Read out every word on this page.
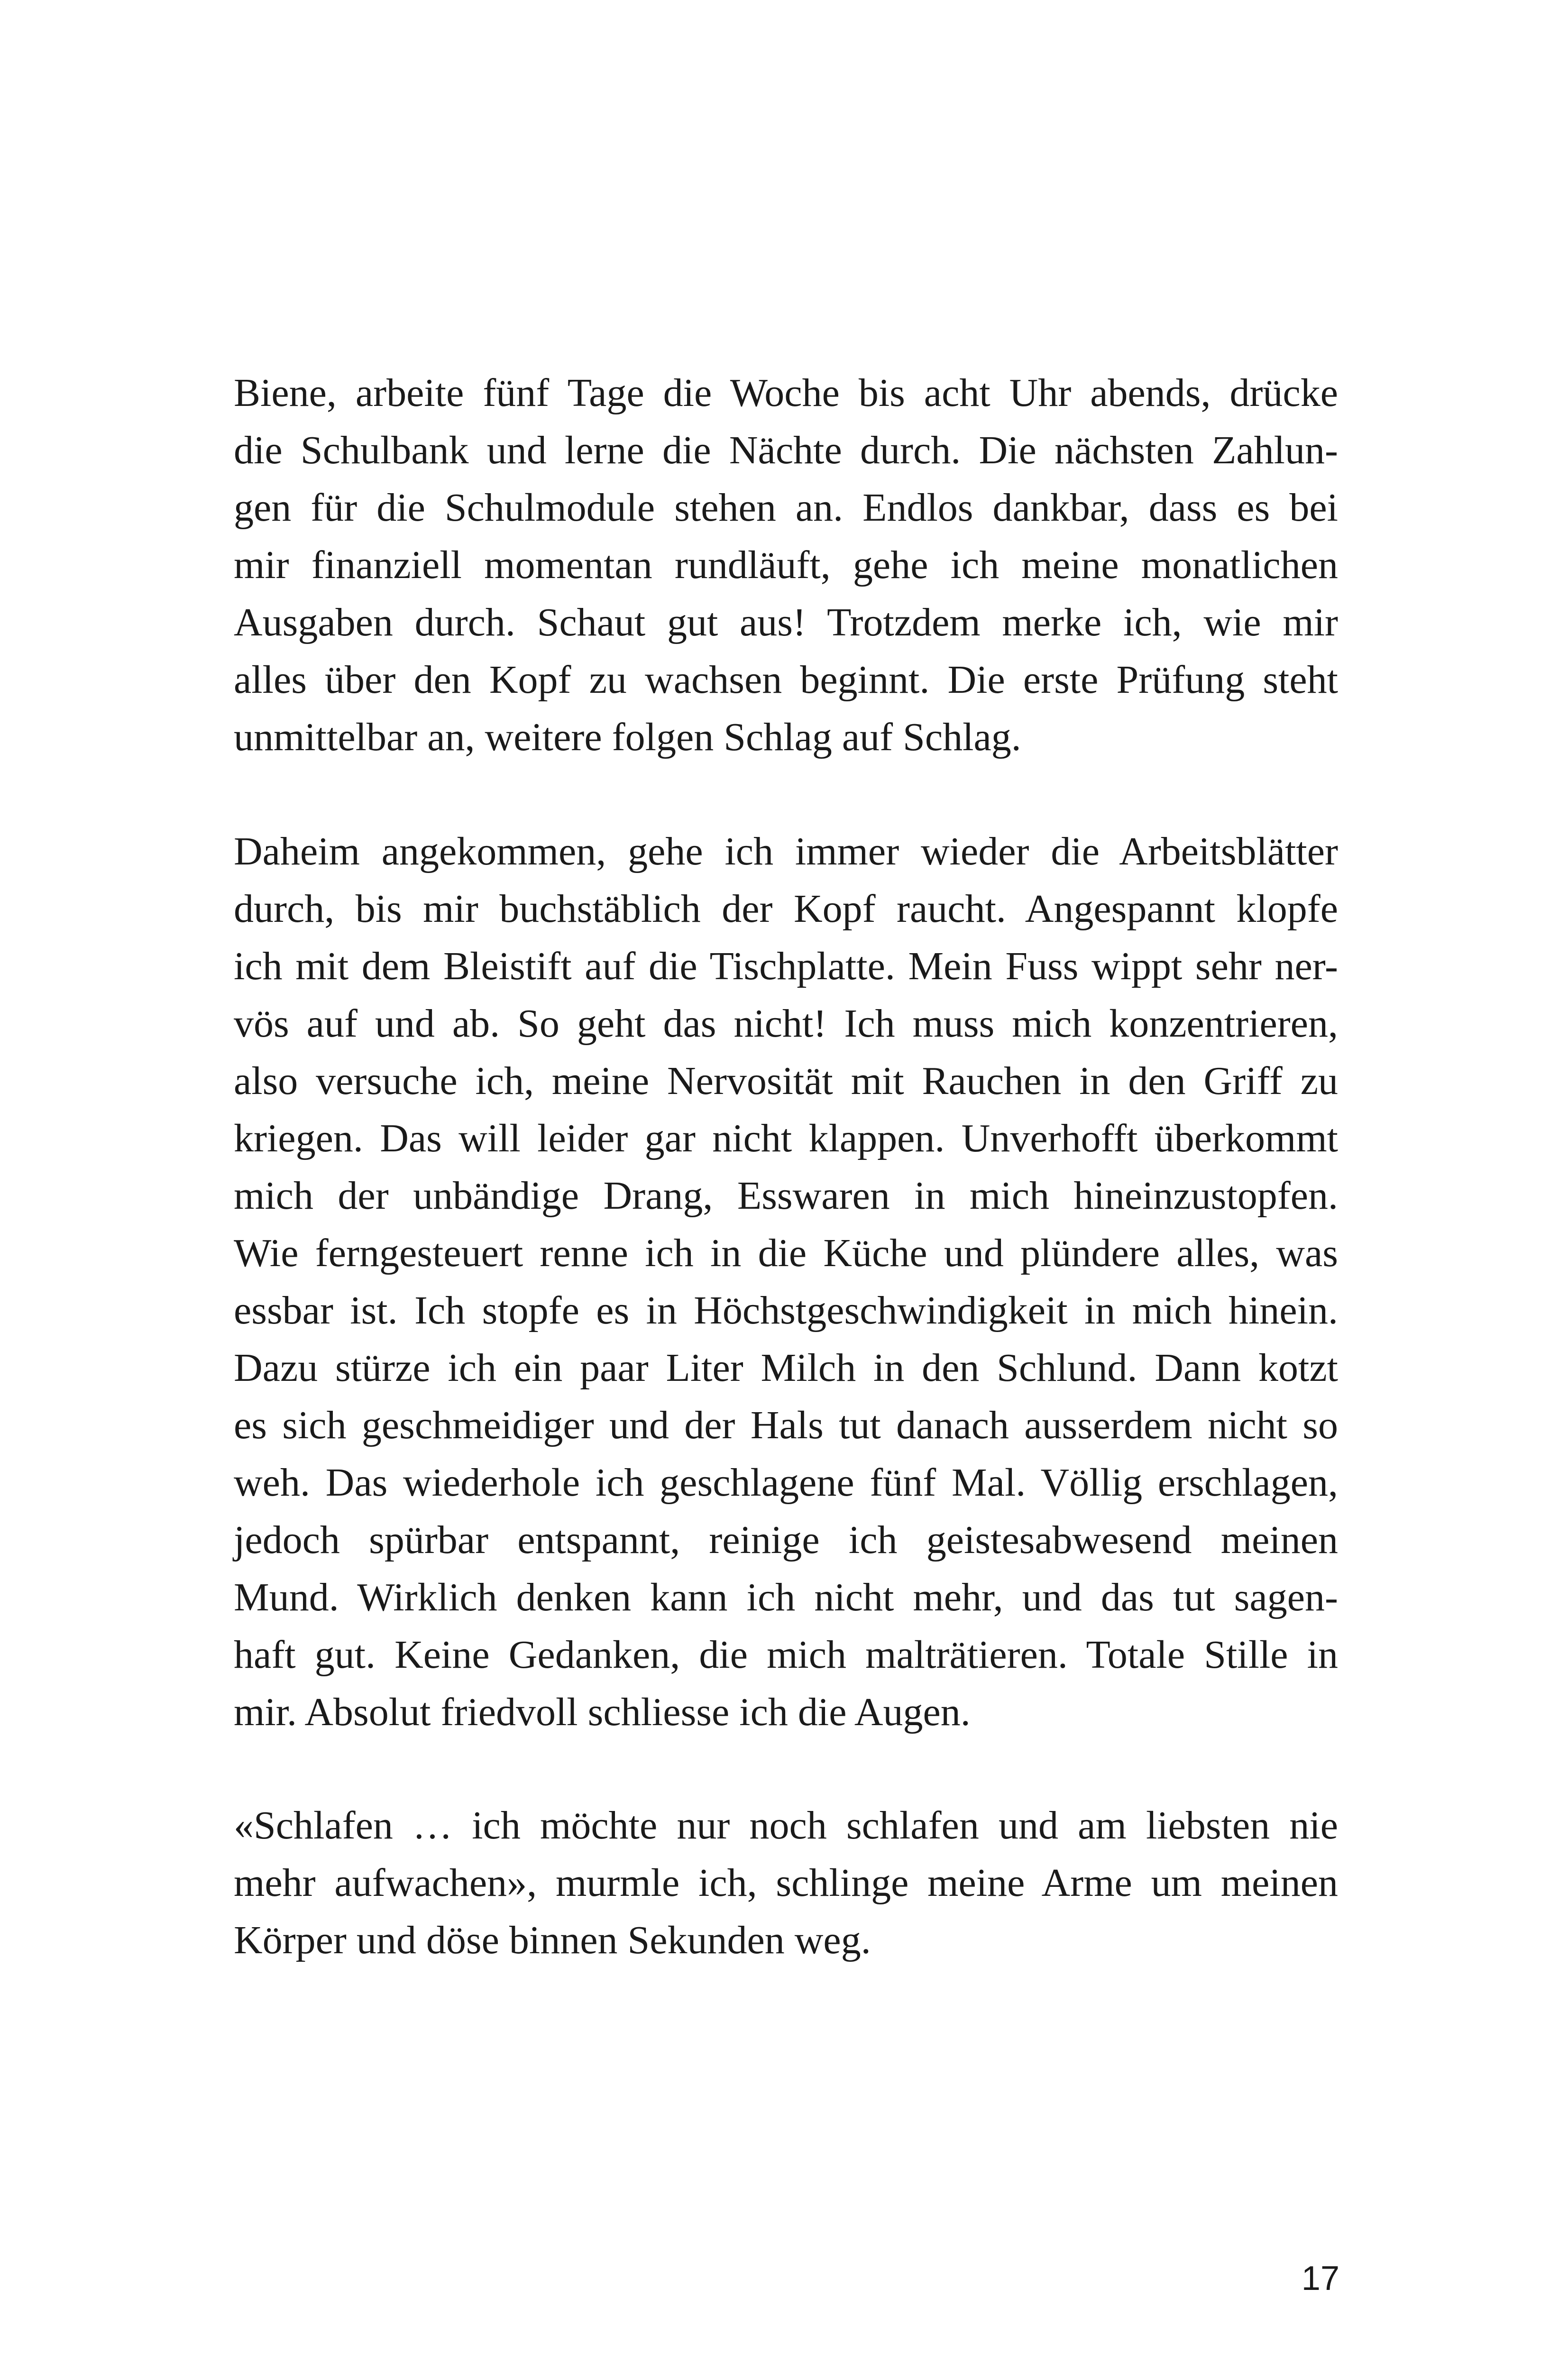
Biene, arbeite fünf Tage die Woche bis acht Uhr abends, drücke
die Schulbank und lerne die Nächte durch. Die nächsten Zahlun-
gen für die Schulmodule stehen an. Endlos dankbar, dass es bei
mir finanziell momentan rundläuft, gehe ich meine monatlichen
Ausgaben durch. Schaut gut aus! Trotzdem merke ich, wie mir
alles über den Kopf zu wachsen beginnt. Die erste Prüfung steht
unmittelbar an, weitere folgen Schlag auf Schlag.
Daheim angekommen, gehe ich immer wieder die Arbeitsblätter
durch, bis mir buchstäblich der Kopf raucht. Angespannt klopfe
ich mit dem Bleistift auf die Tischplatte. Mein Fuss wippt sehr ner-
vös auf und ab. So geht das nicht! Ich muss mich konzentrieren,
also versuche ich, meine Nervosität mit Rauchen in den Griff zu
kriegen. Das will leider gar nicht klappen. Unverhofft überkommt
mich der unbändige Drang, Esswaren in mich hineinzustopfen.
Wie ferngesteuert renne ich in die Küche und plündere alles, was
essbar ist. Ich stopfe es in Höchstgeschwindigkeit in mich hinein.
Dazu stürze ich ein paar Liter Milch in den Schlund. Dann kotzt
es sich geschmeidiger und der Hals tut danach ausserdem nicht so
weh. Das wiederhole ich geschlagene fünf Mal. Völlig erschlagen,
jedoch spürbar entspannt, reinige ich geistesabwesend meinen
Mund. Wirklich denken kann ich nicht mehr, und das tut sagen-
haft gut. Keine Gedanken, die mich malträtieren. Totale Stille in
mir. Absolut friedvoll schliesse ich die Augen.
«Schlafen … ich möchte nur noch schlafen und am liebsten nie
mehr aufwachen», murmle ich, schlinge meine Arme um meinen
Körper und döse binnen Sekunden weg.
17
